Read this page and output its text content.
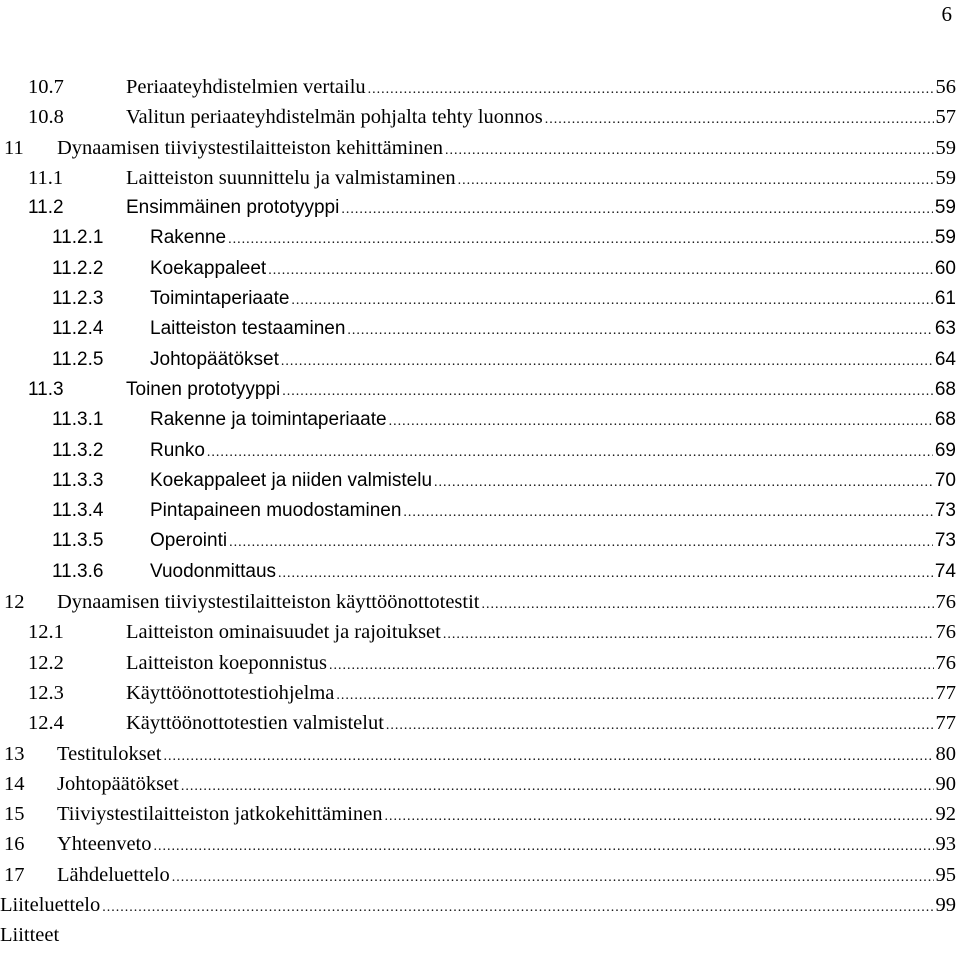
6
10.7	Periaateyhdistelmien vertailu .....	56
10.8	Valitun periaateyhdistelmän pohjalta tehty luonnos .....	57
11	Dynaamisen tiiviystestilaitteiston kehittäminen .....	59
11.1	Laitteiston suunnittelu ja valmistaminen .....	59
11.2	Ensimmäinen prototyyppi .....	59
11.2.1	Rakenne .....	59
11.2.2	Koekappaleet .....	60
11.2.3	Toimintaperiaate .....	61
11.2.4	Laitteiston testaaminen .....	63
11.2.5	Johtopäätökset .....	64
11.3	Toinen prototyyppi .....	68
11.3.1	Rakenne ja toimintaperiaate .....	68
11.3.2	Runko .....	69
11.3.3	Koekappaleet ja niiden valmistelu .....	70
11.3.4	Pintapaineen muodostaminen .....	73
11.3.5	Operointi .....	73
11.3.6	Vuodonmittaus .....	74
12	Dynaamisen tiiviystestilaitteiston käyttöönottotestit .....	76
12.1	Laitteiston ominaisuudet ja rajoitukset .....	76
12.2	Laitteiston koeponnistus .....	76
12.3	Käyttöönottotestiohjelma .....	77
12.4	Käyttöönottotestien valmistelut .....	77
13	Testitulokset .....	80
14	Johtopäätökset .....	90
15	Tiiviystestilaitteiston jatkokehittäminen .....	92
16	Yhteenveto .....	93
17	Lähdeluettelo .....	95
Liiteluettelo .....	99
Liitteet
